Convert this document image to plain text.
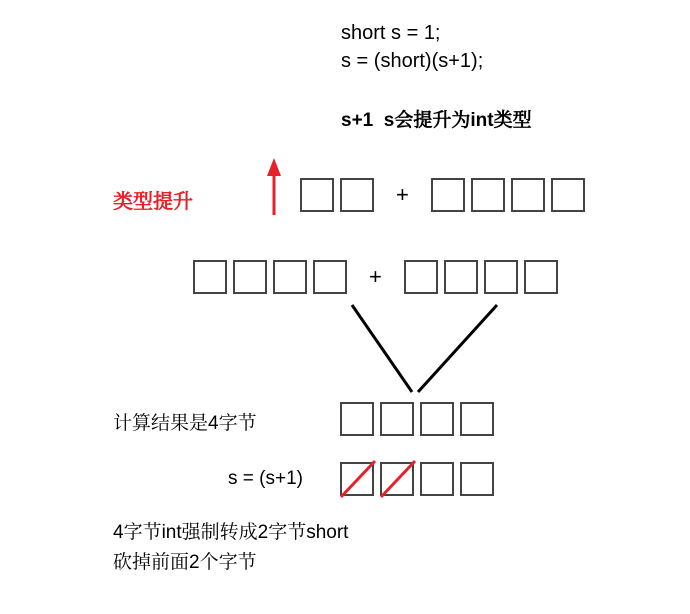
short s = 1;
s = (short)(s+1);
s+1  s会提升为int类型
类型提升	+
+
计算结果是4字节
s = (s+1)
4字节int强制转成2字节short
砍掉前面2个字节
